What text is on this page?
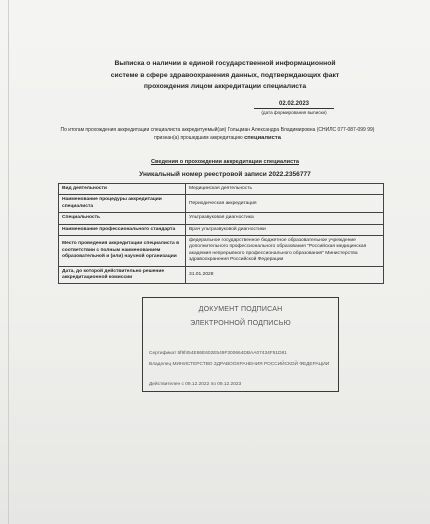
Выписка о наличии в единой государственной информационной
системе в сфере здравоохранения данных, подтверждающих факт
прохождения лицом аккредитации специалиста
02.02.2023
(дата формирования выписки)
По итогам прохождения аккредитации специалиста аккредитуемый(ая) Гольцман Александра Владимировна (СНИЛС 077-087-099 99) признан(а) прошедшим аккредитацию специалиста
Сведения о прохождении аккредитации специалиста
Уникальный номер реестровой записи 2022.2356777
Вид деятельности	Медицинская деятельность
Наименование процедуры аккредитации специалиста	Периодическая аккредитация
Специальность	Ультразвуковая диагностика
Наименование профессионального стандарта	Врач ультразвуковой диагностики
Место проведения аккредитации специалиста в соответствии с полным наименованием образовательной и (или) научной организации	федеральное государственное бюджетное образовательное учреждение дополнительного профессионального образования "Российская медицинская академия непрерывного профессионального образования" Министерства здравоохранения Российской Федерации
Дата, до которой действительно решение аккредитационной комиссии	31.01.2028
ДОКУМЕНТ ПОДПИСАН
ЭЛЕКТРОННОЙ ПОДПИСЬЮ
Сертификат 5f9f454E86E602E549F300664DBAA07434F51D81
Владелец МИНИСТЕРСТВО ЗДРАВООХРАНЕНИЯ РОССИЙСКОЙ ФЕДЕРАЦИИ
Действителен с 09.12.2022 по 09.12.2023
